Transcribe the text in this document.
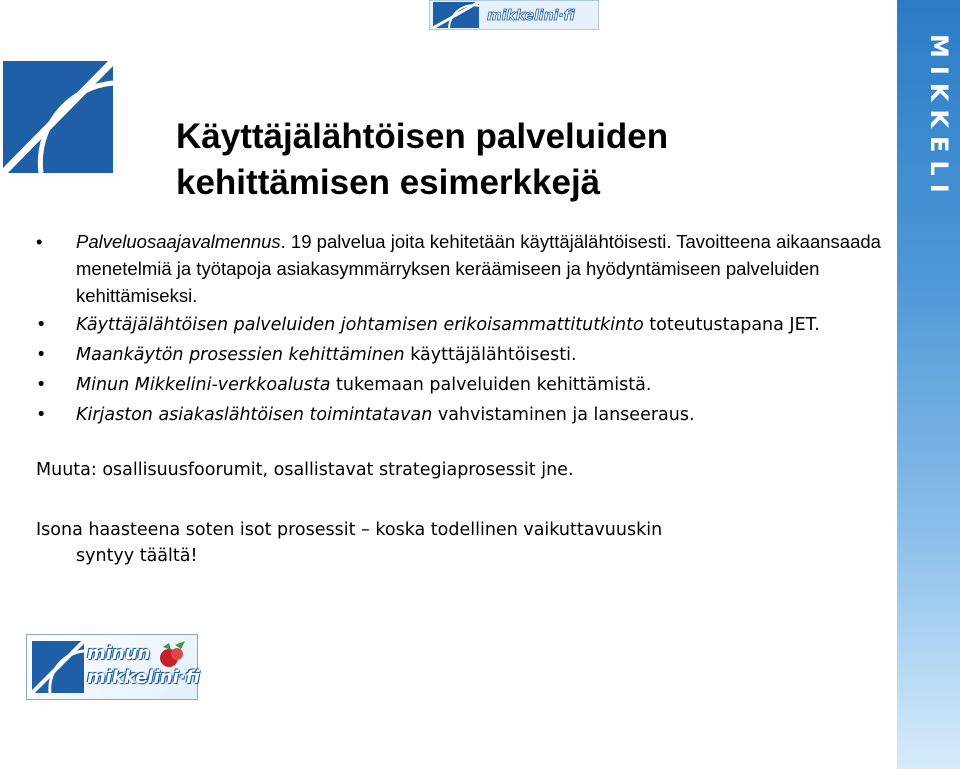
mikkelini·fi
MIKKELI
Käyttäjälähtöisen palveluiden
kehittämisen esimerkkejä
• Palveluosaajavalmennus. 19 palvelua joita kehitetään käyttäjälähtöisesti. Tavoitteena aikaansaada menetelmiä ja työtapoja asiakasymmärryksen keräämiseen ja hyödyntämiseen palveluiden kehittämiseksi.
• Käyttäjälähtöisen palveluiden johtamisen erikoisammattitutkinto toteutustapana JET.
• Maankäytön prosessien kehittäminen käyttäjälähtöisesti.
• Minun Mikkelini-verkkoalusta tukemaan palveluiden kehittämistä.
• Kirjaston asiakaslähtöisen toimintatavan vahvistaminen ja lanseeraus.

Muuta: osallisuusfoorumit, osallistavat strategiaprosessit jne.

Isona haasteena soten isot prosessit – koska todellinen vaikuttavuuskin
syntyy täältä!

minun
mikkelini·fi
